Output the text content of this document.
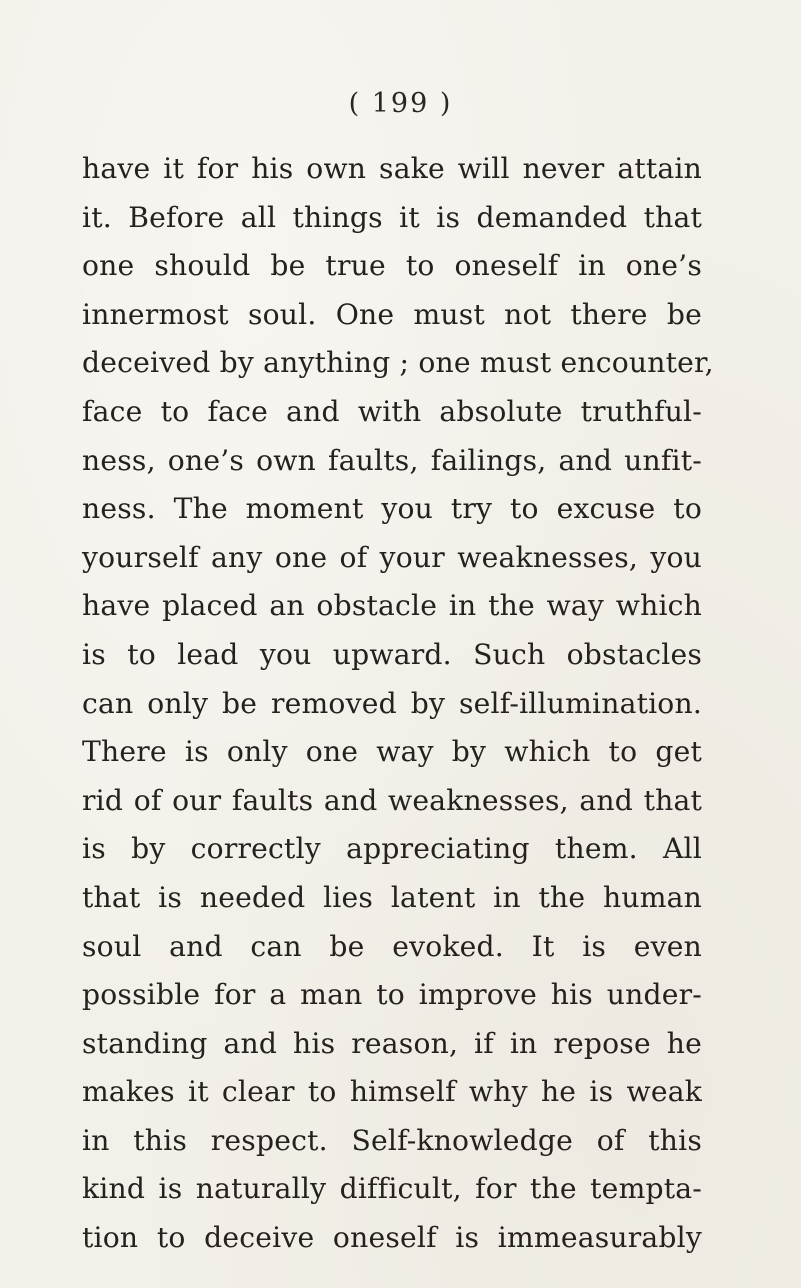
( 199 )
have it for his own sake will never attain
it. Before all things it is demanded that
one should be true to oneself in one’s
innermost soul. One must not there be
deceived by anything ; one must encounter,
face to face and with absolute truthful-
ness, one’s own faults, failings, and unfit-
ness. The moment you try to excuse to
yourself any one of your weaknesses, you
have placed an obstacle in the way which
is to lead you upward. Such obstacles
can only be removed by self-illumination.
There is only one way by which to get
rid of our faults and weaknesses, and that
is by correctly appreciating them. All
that is needed lies latent in the human
soul and can be evoked. It is even
possible for a man to improve his under-
standing and his reason, if in repose he
makes it clear to himself why he is weak
in this respect. Self-knowledge of this
kind is naturally difficult, for the tempta-
tion to deceive oneself is immeasurably
